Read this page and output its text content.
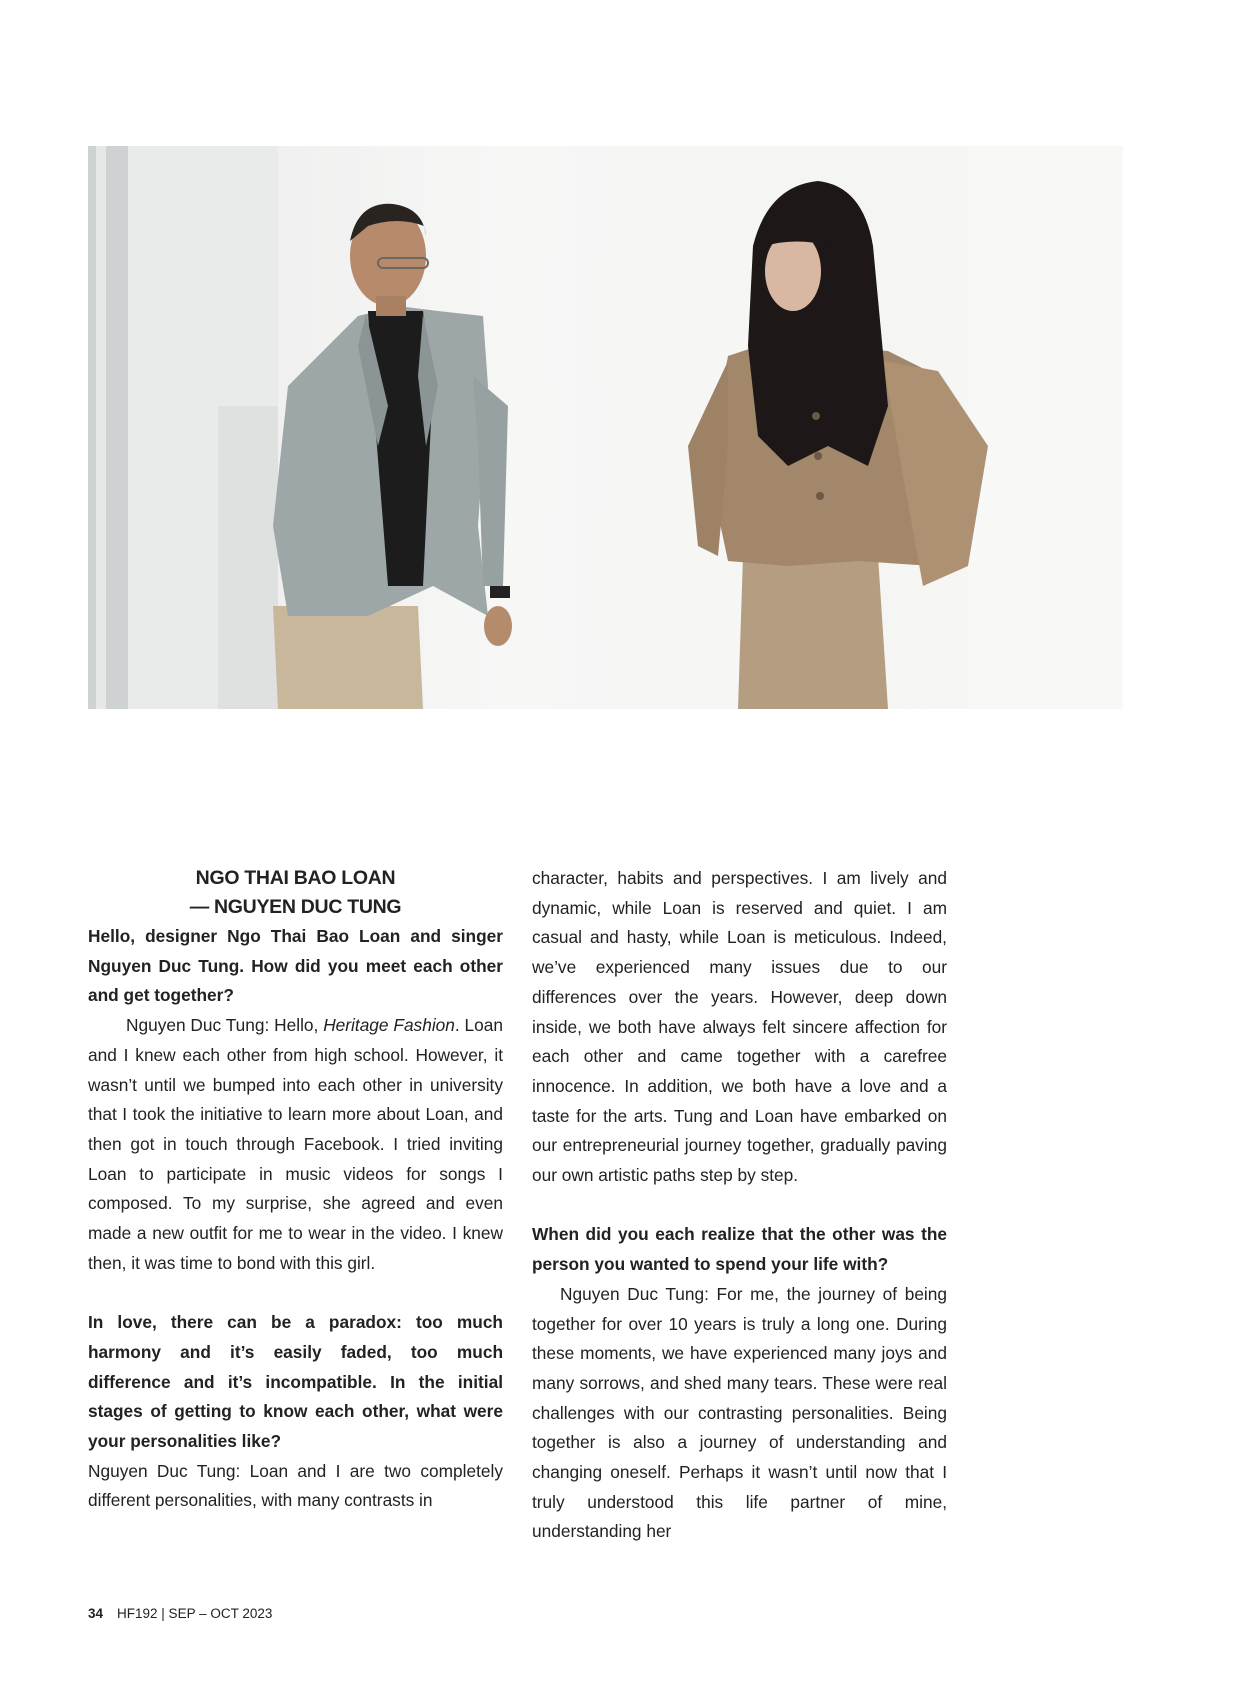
NGO THAI BAO LOAN

— NGUYEN DUC TUNG

Hello, designer Ngo Thai Bao Loan and singer Nguyen Duc Tung. How did you meet each other and get together?

Nguyen Duc Tung: Hello, Heritage Fashion. Loan and I knew each other from high school. However, it wasn’t until we bumped into each other in university that I took the initiative to learn more about Loan, and then got in touch through Facebook. I tried inviting Loan to participate in music videos for songs I composed. To my surprise, she agreed and even made a new outfit for me to wear in the video. I knew then, it was time to bond with this girl.

In love, there can be a paradox: too much harmony and it’s easily faded, too much difference and it’s incompatible. In the initial stages of getting to know each other, what were your personalities like?

Nguyen Duc Tung: Loan and I are two completely different personalities, with many contrasts in

character, habits and perspectives. I am lively and dynamic, while Loan is reserved and quiet. I am casual and hasty, while Loan is meticulous. Indeed, we’ve experienced many issues due to our differences over the years. However, deep down inside, we both have always felt sincere affection for each other and came together with a carefree innocence. In addition, we both have a love and a taste for the arts. Tung and Loan have embarked on our entrepreneurial journey together, gradually paving our own artistic paths step by step.

When did you each realize that the other was the person you wanted to spend your life with?

Nguyen Duc Tung: For me, the journey of being together for over 10 years is truly a long one. During these moments, we have experienced many joys and many sorrows, and shed many tears. These were real challenges with our contrasting personalities. Being together is also a journey of understanding and changing oneself. Perhaps it wasn’t until now that I truly understood this life partner of mine, understanding her

34 HF192 | SEP – OCT 2023
